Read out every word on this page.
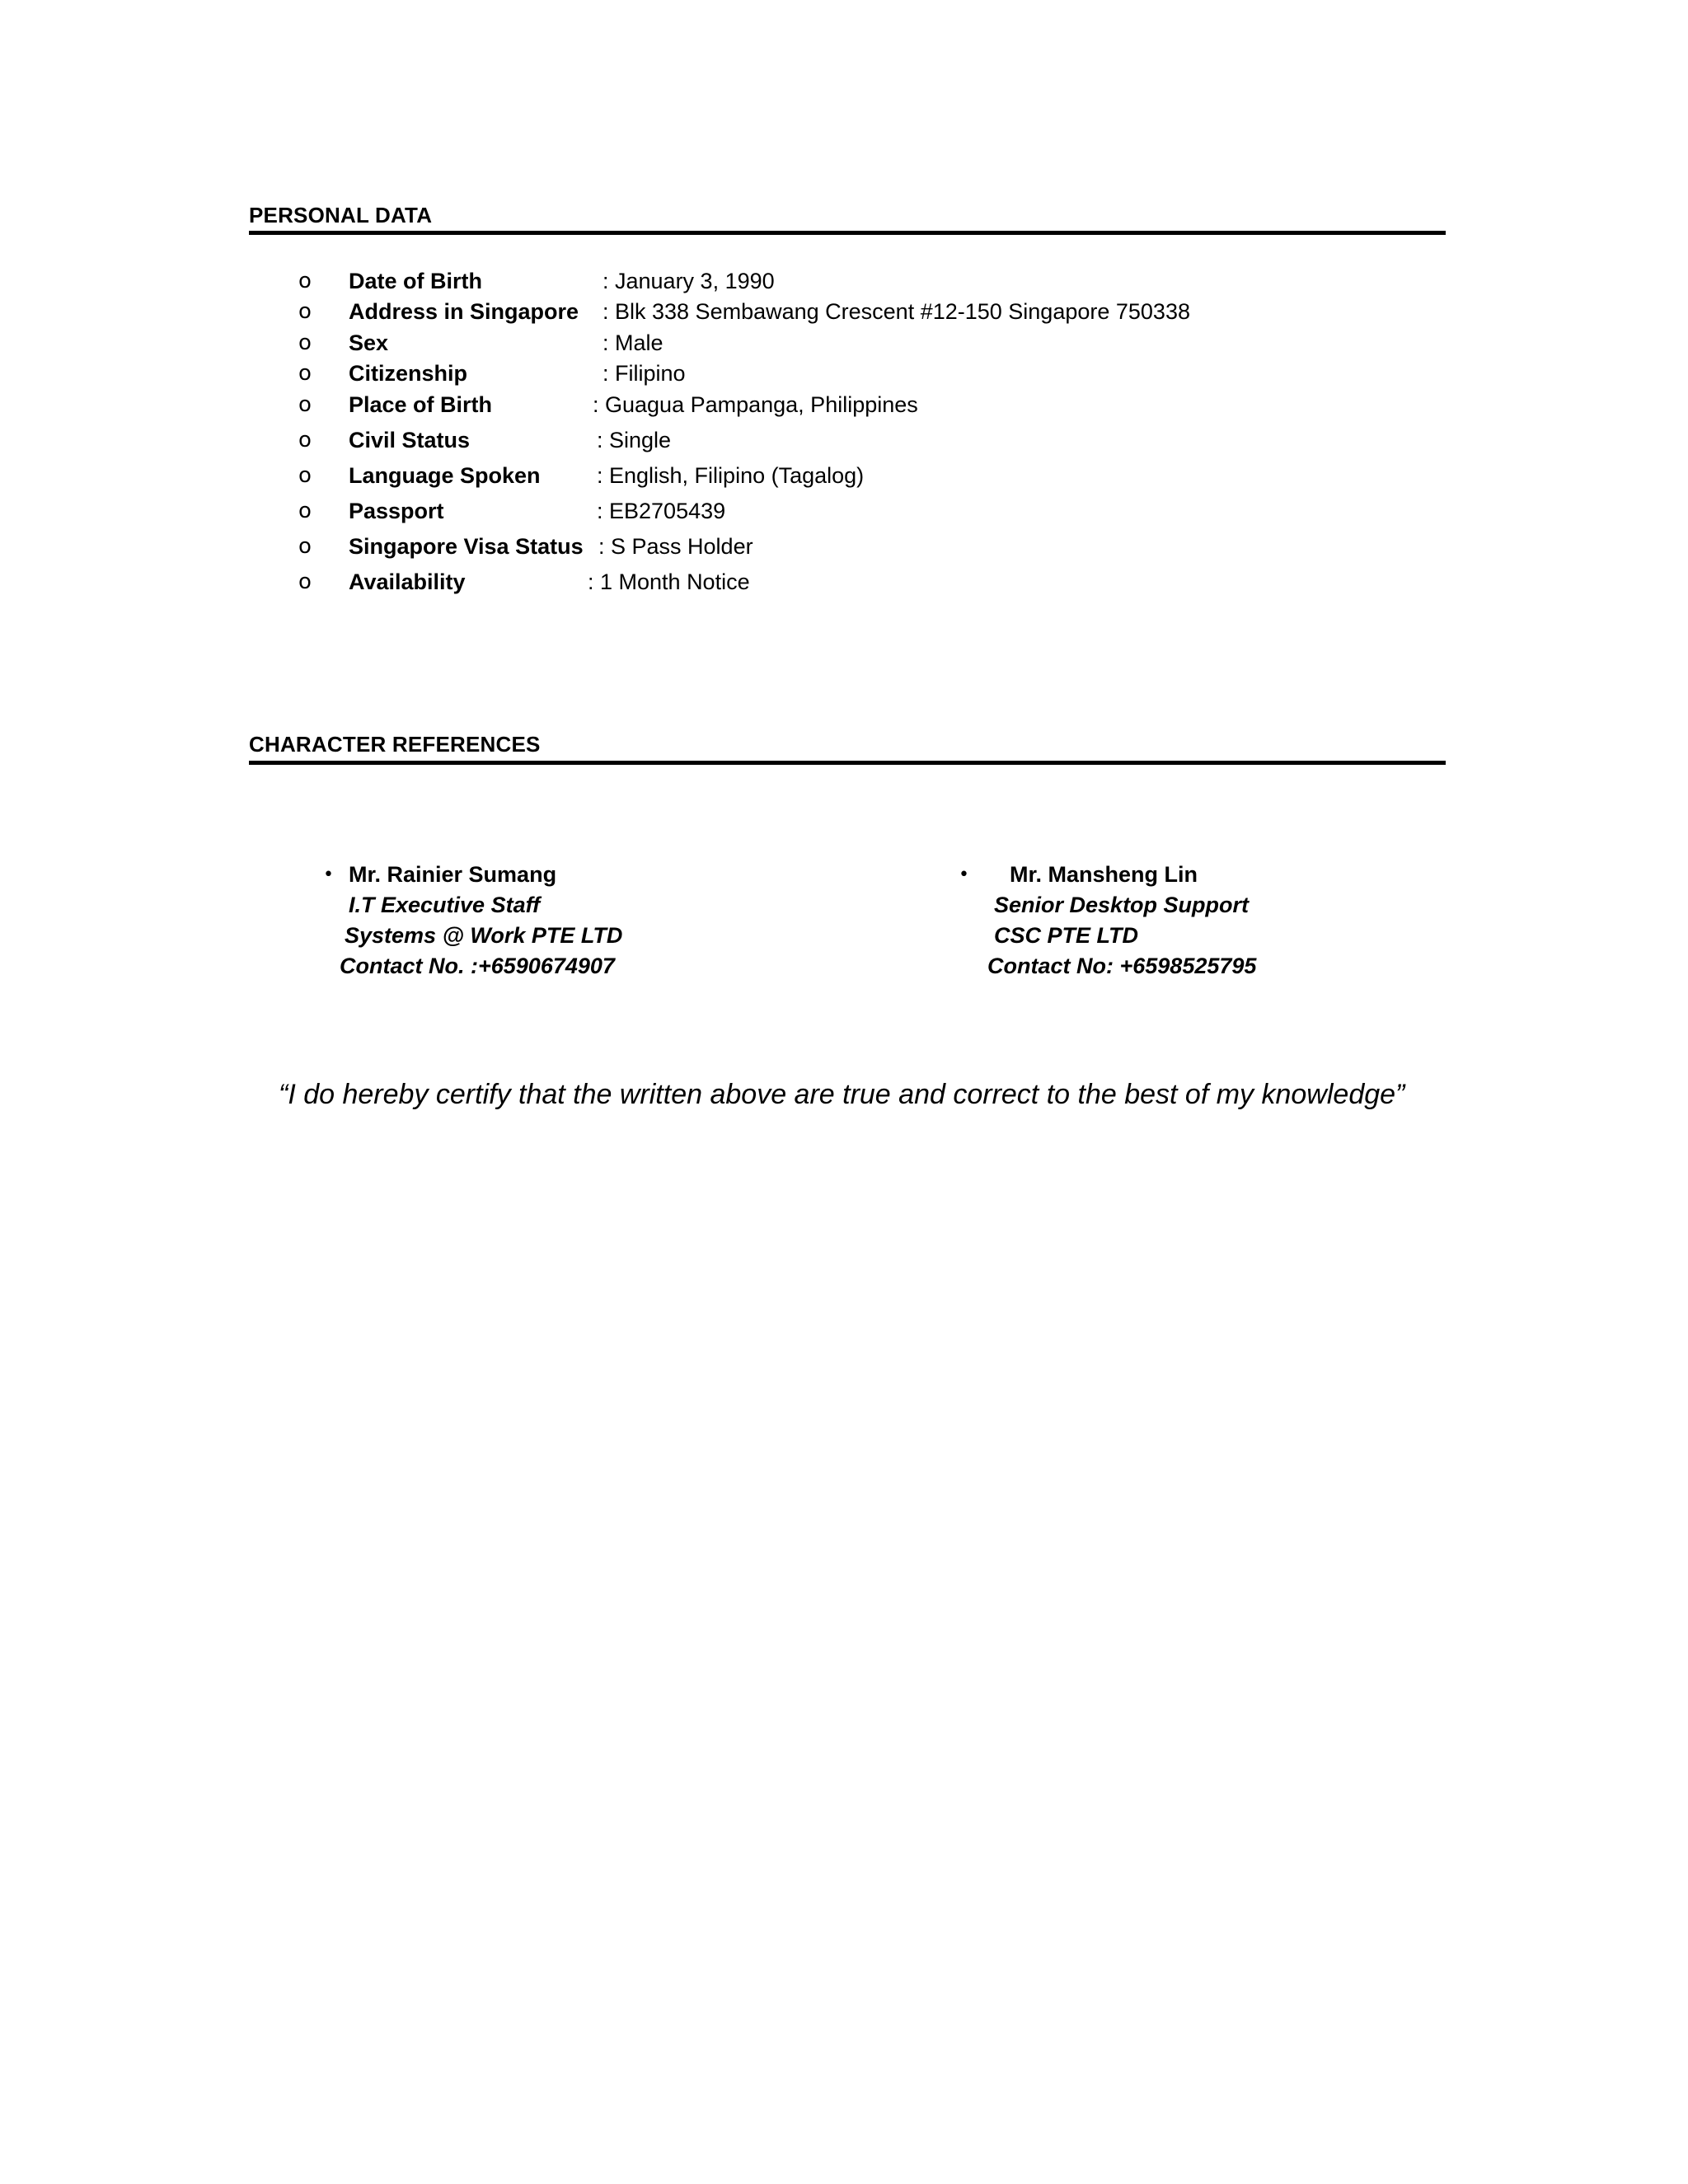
PERSONAL DATA
o Date of Birth	: January 3, 1990
o Address in Singapore : Blk 338 Sembawang Crescent #12-150 Singapore 750338
o Sex	: Male
o Citizenship	: Filipino
o Place of Birth	: Guagua Pampanga, Philippines
o Civil Status	: Single
o Language Spoken	: English, Filipino (Tagalog)
o Passport	: EB2705439
o Singapore Visa Status : S Pass Holder
o Availability	: 1 Month Notice
CHARACTER REFERENCES
• Mr. Rainier Sumang
I.T Executive Staff
Systems @ Work PTE LTD
Contact No. :+6590674907
• Mr. Mansheng Lin
Senior Desktop Support
CSC PTE LTD
Contact No: +6598525795
“I do hereby certify that the written above are true and correct to the best of my knowledge”
